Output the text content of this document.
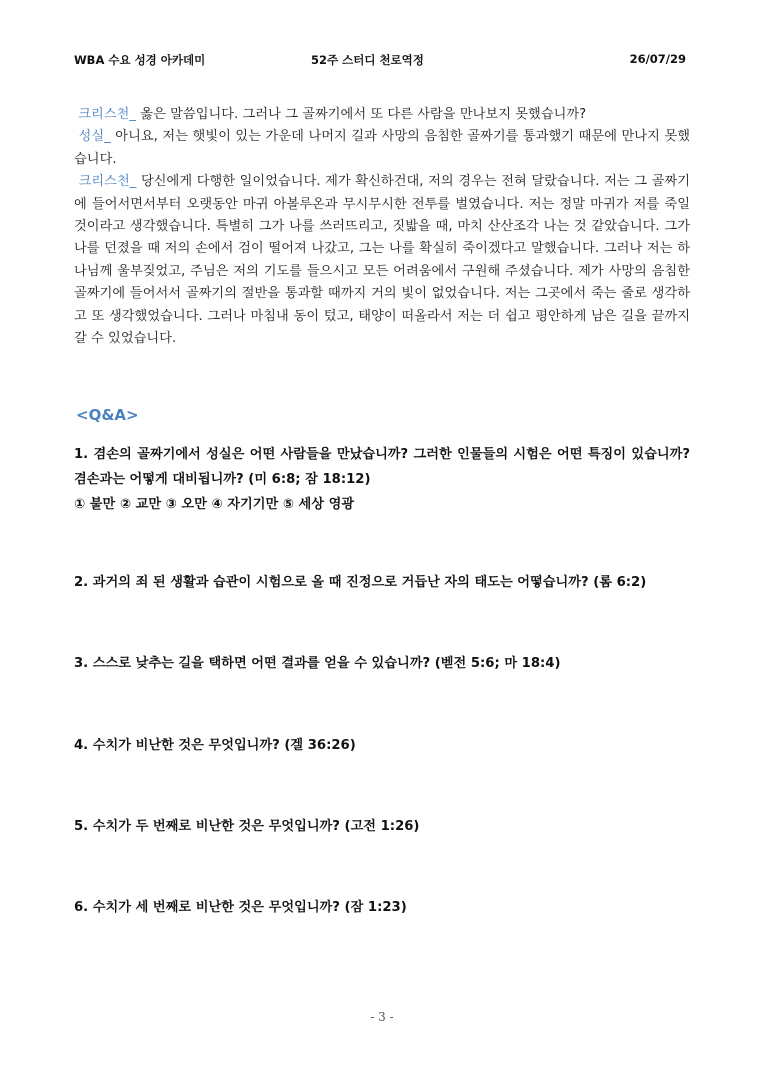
WBA 수요 성경 아카데미	52주 스터디 천로역정	26/07/29

크리스천_ 옳은 말씀입니다. 그러나 그 골짜기에서 또 다른 사람을 만나보지 못했습니까?

성실_ 아니요, 저는 햇빛이 있는 가운데 나머지 길과 사망의 음침한 골짜기를 통과했기 때문에 만나지 못했습니다.

크리스천_ 당신에게 다행한 일이었습니다. 제가 확신하건대, 저의 경우는 전혀 달랐습니다. 저는 그 골짜기에 들어서면서부터 오랫동안 마귀 아볼루온과 무시무시한 전투를 벌였습니다. 저는 정말 마귀가 저를 죽일 것이라고 생각했습니다. 특별히 그가 나를 쓰러뜨리고, 짓밟을 때, 마치 산산조각 나는 것 같았습니다. 그가 나를 던졌을 때 저의 손에서 검이 떨어져 나갔고, 그는 나를 확실히 죽이겠다고 말했습니다. 그러나 저는 하나님께 울부짖었고, 주님은 저의 기도를 들으시고 모든 어려움에서 구원해 주셨습니다. 제가 사망의 음침한 골짜기에 들어서서 골짜기의 절반을 통과할 때까지 거의 빛이 없었습니다. 저는 그곳에서 죽는 줄로 생각하고 또 생각했었습니다. 그러나 마침내 동이 텄고, 태양이 떠올라서 저는 더 쉽고 평안하게 남은 길을 끝까지 갈 수 있었습니다.

<Q&A>

1. 겸손의 골짜기에서 성실은 어떤 사람들을 만났습니까? 그러한 인물들의 시험은 어떤 특징이 있습니까? 겸손과는 어떻게 대비됩니까? (미 6:8; 잠 18:12)

① 불만 ② 교만 ③ 오만 ④ 자기기만 ⑤ 세상 영광

2. 과거의 죄 된 생활과 습관이 시험으로 올 때 진정으로 거듭난 자의 태도는 어떻습니까? (롬 6:2)

3. 스스로 낮추는 길을 택하면 어떤 결과를 얻을 수 있습니까? (벧전 5:6; 마 18:4)

4. 수치가 비난한 것은 무엇입니까? (겔 36:26)

5. 수치가 두 번째로 비난한 것은 무엇입니까? (고전 1:26)

6. 수치가 세 번째로 비난한 것은 무엇입니까? (잠 1:23)

- 3 -
